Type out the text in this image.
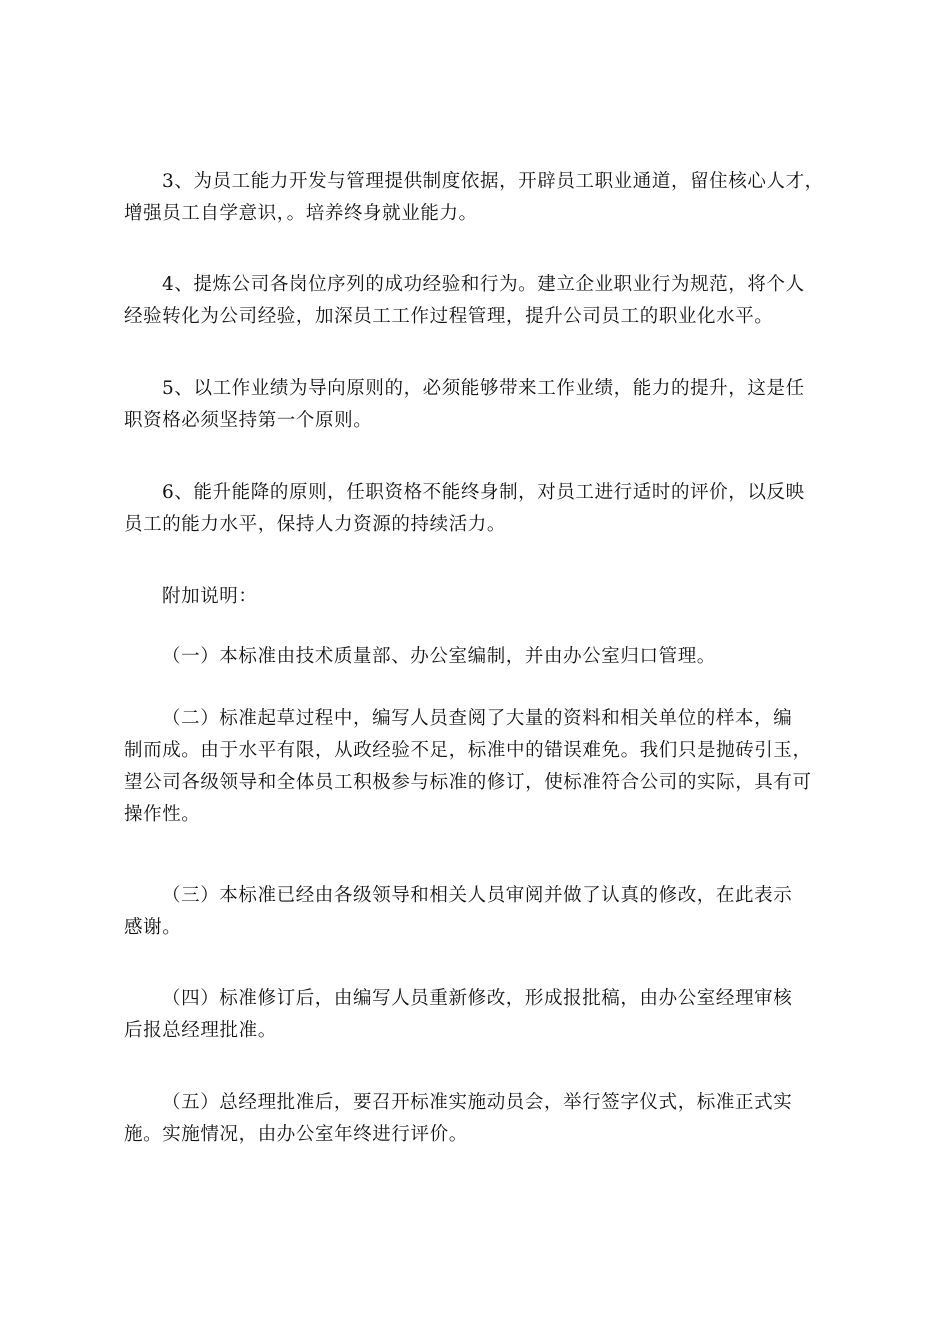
3、为员工能力开发与管理提供制度依据，开辟员工职业通道，留住核心人才，
增强员工自学意识，。培养终身就业能力。

4、提炼公司各岗位序列的成功经验和行为。建立企业职业行为规范，将个人
经验转化为公司经验，加深员工工作过程管理，提升公司员工的职业化水平。

5、以工作业绩为导向原则的，必须能够带来工作业绩，能力的提升，这是任
职资格必须坚持第一个原则。

6、能升能降的原则，任职资格不能终身制，对员工进行适时的评价，以反映
员工的能力水平，保持人力资源的持续活力。

附加说明：

（一）本标准由技术质量部、办公室编制，并由办公室归口管理。

（二）标准起草过程中，编写人员查阅了大量的资料和相关单位的样本，编
制而成。由于水平有限，从政经验不足，标准中的错误难免。我们只是抛砖引玉，
望公司各级领导和全体员工积极参与标准的修订，使标准符合公司的实际，具有可
操作性。

（三）本标准已经由各级领导和相关人员审阅并做了认真的修改，在此表示
感谢。

（四）标准修订后，由编写人员重新修改，形成报批稿，由办公室经理审核
后报总经理批准。

（五）总经理批准后，要召开标准实施动员会，举行签字仪式，标准正式实
施。实施情况，由办公室年终进行评价。
